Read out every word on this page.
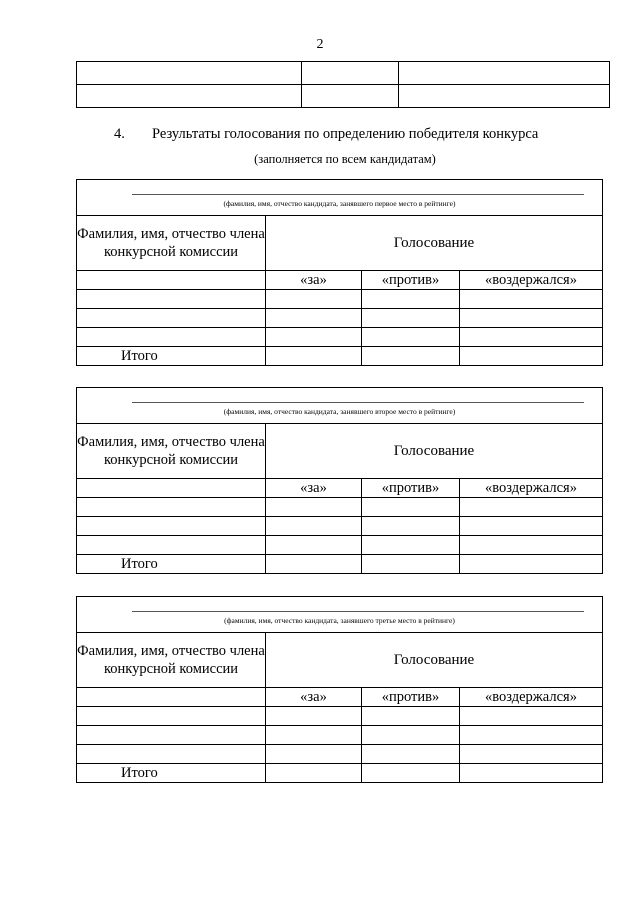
2

4. Результаты голосования по определению победителя конкурса
(заполняется по всем кандидатам)
(фамилия, имя, отчество кандидата, занявшего первое место в рейтинге)			

Фамилия, имя, отчество члена конкурсной комиссии	Голосование		
	«за»	«против»	«воздержался»

Итого			
(фамилия, имя, отчество кандидата, занявшего второе место в рейтинге)			

Фамилия, имя, отчество члена конкурсной комиссии	Голосование		
	«за»	«против»	«воздержался»

Итого			
(фамилия, имя, отчество кандидата, занявшего третье место в рейтинге)			

Фамилия, имя, отчество члена конкурсной комиссии	Голосование		
	«за»	«против»	«воздержался»

Итого			
